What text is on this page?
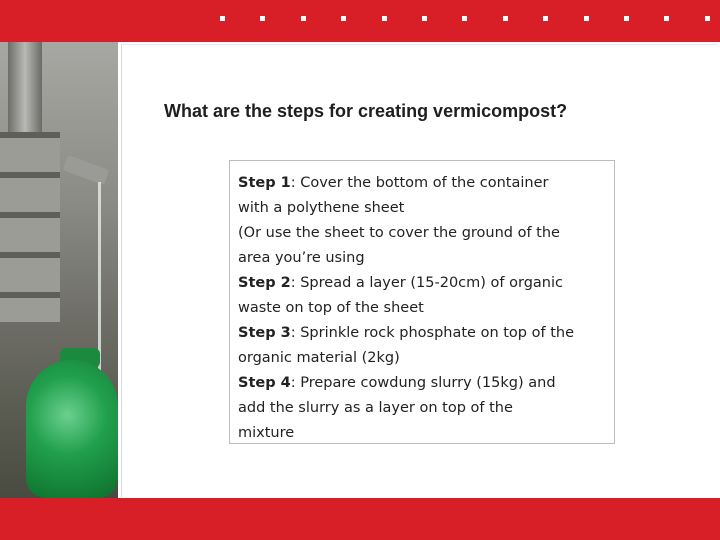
What are the steps for creating vermicompost?

Step 1: Cover the bottom of the container

with a polythene sheet

(Or use the sheet to cover the ground of the

area you’re using

Step 2: Spread a layer (15-20cm) of organic

waste on top of the sheet

Step 3: Sprinkle rock phosphate on top of the

organic material (2kg)

Step 4: Prepare cowdung slurry (15kg) and

add the slurry as a layer on top of the

mixture
